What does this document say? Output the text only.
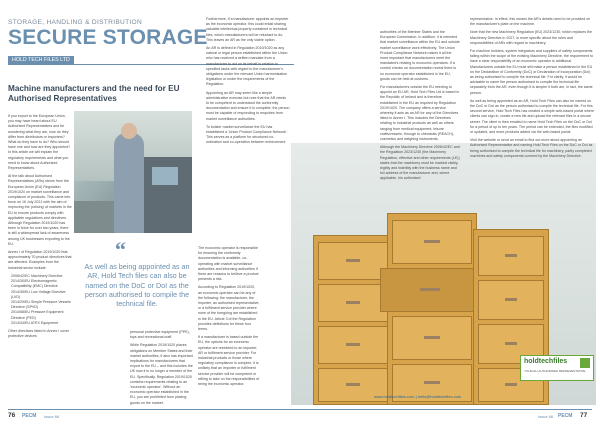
STORAGE, HANDLING & DISTRIBUTION
SECURE STORAGE
HOLD TECH FILES LTD
Machine manufacturers and the need for EU Authorised Representatives

If you export to the European Union, you may have heard about EU Authorised Representatives and be wondering what they are, now do they differ from distributors or importers? What do they have to do? Who should have one and how are they appointed? In this article we will explain the regulatory requirements and what you need to know about Authorised Representatives.

At the talk about Authorised Representatives (ARs) stems from the European Union (EU) Regulation 2019/1020 on market surveillance and compliance of products. This came into force on 16 July 2021 with the aim of improving the 'policing' of markets in the EU to ensure products comply with applicable regulations and directives. Although Regulation 2019/1020 has been in force for over two years, there is still a widespread lack of awareness among UK businesses exporting to the EU.

Annex I of Regulation 2019/1020 lists approximately 70 product directives that are affected. Examples from the industrial sector include:

2006/42/EC Machinery Directive
2014/30/EU Electromagnetic Compatibility (EMC) Directive
2014/35/EU Low Voltage Directive (LVD)
2014/29/EU Simple Pressure Vessels Directive (SPVD)
2014/68/EU Pressure Equipment Directive (PED)
2014/34/EU ATEX Equipment

Other directives listed in Annex I cover protective devices

“
As well as being appointed as an AR, Hold Tech files can also be named on the DoC or DoI as the person authorised to compile the technical file.

personal protective equipment (PPE), toys and recreational craft.

While Regulation 2019/1020 places obligations on Member States and their market authorities, it also has important implications for manufacturers that export to the EU – and this includes the UK now it is no longer a member of the EU. Specifically, Regulation 2019/1020 contains requirements relating to an 'economic operator'. Without an economic operator established in the EU, you are prohibited from placing goods on the market.

The economic operator is responsible for ensuring the conformity documentation is available, co-operating with market surveillance authorities and informing authorities if there are reasons to believe a product presents a risk.

According to Regulation 2019/1020, an economic operator can be any of the following: the manufacturer, the importer, an authorised representative, or a fulfilment service provider where none of the foregoing are established in the EU. Article 3 of the Regulation provides definitions for these four terms.

If a manufacturer is based outside the EU, the options for an economic operator are restricted to an importer, AR or fulfilment service provider. For industrial products or those where regulatory compliance is complex, it is unlikely that an importer or fulfilment service provider will be competent or willing to take on the responsibilities of being the economic operator.

Furthermore, if a manufacturer appoints an importer as the economic operator, this could entail sharing valuable intellectual property contained in technical files, which manufacturers will be reluctant to do. This leaves an AR as the only viable option.

An AR is defined in Regulation 2019/1020 as any natural or legal person established within the Union who has received a written mandate from a manufacturer to act on its behalf in relation to specified tasks with regard to the manufacturer's obligations under the relevant Union harmonisation legislation or under the requirements of the Regulation.

Appointing an AR may seem like a simple administrative exercise but note that the AR needs to be competent to understand the conformity documentation and ensure it is complete; the person must be capable of responding to enquiries from market surveillance authorities.

To bolster market surveillance the EU has established a 'Union Product Compliance Network'. This serves as a platform for structured co-ordination and co-operation between enforcement

authorities of the Member States and the European Commission. In addition, it is intended that market surveillance within the EU and outside market surveillance work effectively. The Union Product Compliance Network makes it all the more important that manufacturers meet the mandated's relating to economic operators. If a control checks on documentation reveal there is no economic operator established in the EU, goods can be held at customs.

For manufacturers outside the EU needing to appoint an EU AR, Hold Tech Files Ltd is based in the Republic of Ireland and is therefore established in the EU as required by Regulation 2019/1020. The company offers a service whereby it acts as an AR for any of the Directives listed in Annex I. This includes the Directives relating to industrial products as well as others ranging from medical equipment, leisure crafts/vessels, through to chemicals (REACH), cosmetics and weighing instruments.

Although the Machinery Directive 2006/42/EC and the Regulation 2023/1230 (the Machinery Regulation, effective and other requirements (LE)) states that the machinery must be marked visibly, legibly and indelibly with the business name and full address of the manufacturer and, where applicable, his authorised

representative. In effect, this means the AR's details need to be provided on the manufacturer's plate on the machine.

Note that the new Machinery Regulation (EU) 2023/1230, which replaces the Machinery Directive in 2027, is more specific about the roles and responsibilities of ARs with regard to machinery.

For machine builders, system integrators and suppliers of safety components falling within the scope of the existing Machinery Directive, the requirement to have a clear responsibility of an economic operator is additional. Manufacturers outside the EU must still make a person established in the EU on the Declaration of Conformity (DoC) or Declaration of Incorporation (DoI) as being authorised to compile the technical file. For clarity, it would be advisable to name the person authorised to compile the technical file separately from the AR, even though it is simpler if both are, in fact, the same person.

As well as being appointed as an AR, Hold Tech Files can also be named on the DoC or DoI as the person authorised to compile the technical file. For this second service, Hold Tech Files has created a simple web-based portal where clients can sign in, create a new file and upload the relevant files in a secure server. The client is then emailed to name Hold Tech Files on the DoC or DoI for a period of up to ten years. The period can be extended, the files modified or updated, and more products added via the web-based portal.

Visit the website or send an email to find out more about appointing an Authorised Representative and naming Hold Tech Files on the DoC or DoI as being authorised to compile the technical file for machinery, partly completed machines and safety components covered by the Machinery Directive.

holdtechfiles
YOUR EU AUTHORISED REPRESENTATIVE
www.holdtechfiles.com | hello@holdtechfiles.com
76 PECM Issue 66	Issue 66 PECM 77
